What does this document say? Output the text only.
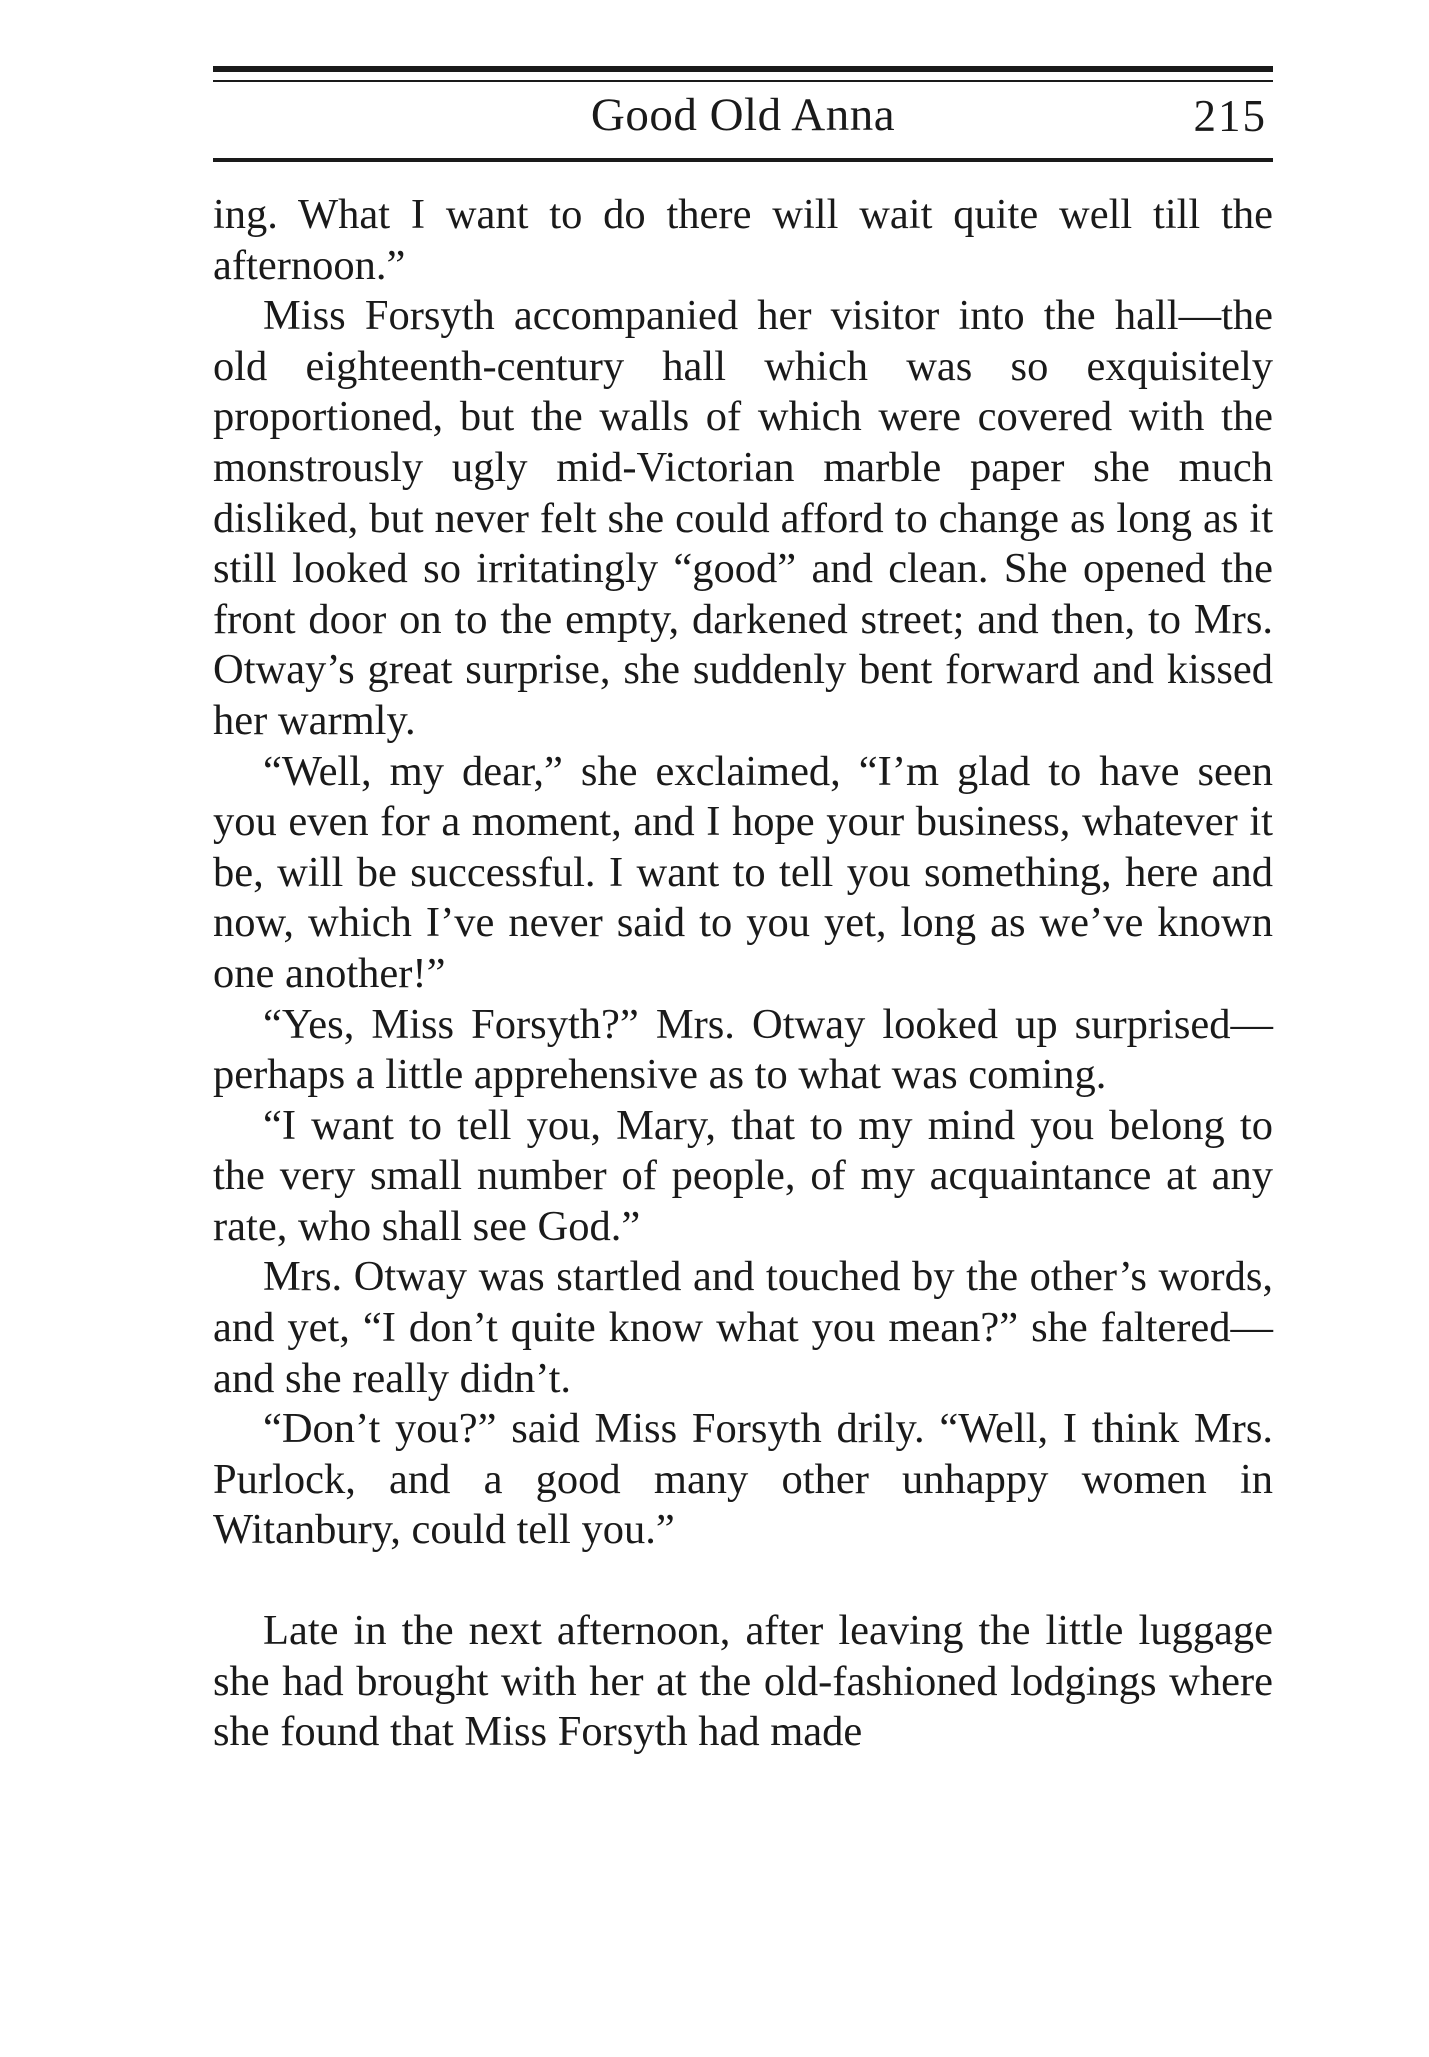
Good Old Anna	215

ing. What I want to do there will wait quite well till the afternoon.”

Miss Forsyth accompanied her visitor into the hall—the old eighteenth-century hall which was so exquisitely proportioned, but the walls of which were covered with the monstrously ugly mid-Victorian marble paper she much disliked, but never felt she could afford to change as long as it still looked so irritatingly “good” and clean. She opened the front door on to the empty, darkened street; and then, to Mrs. Otway’s great surprise, she suddenly bent forward and kissed her warmly.

“Well, my dear,” she exclaimed, “I’m glad to have seen you even for a moment, and I hope your business, whatever it be, will be successful. I want to tell you something, here and now, which I’ve never said to you yet, long as we’ve known one another!”

“Yes, Miss Forsyth?” Mrs. Otway looked up surprised—perhaps a little apprehensive as to what was coming.

“I want to tell you, Mary, that to my mind you belong to the very small number of people, of my acquaintance at any rate, who shall see God.”

Mrs. Otway was startled and touched by the other’s words, and yet, “I don’t quite know what you mean?” she faltered—and she really didn’t.

“Don’t you?” said Miss Forsyth drily. “Well, I think Mrs. Purlock, and a good many other unhappy women in Witanbury, could tell you.”

Late in the next afternoon, after leaving the little luggage she had brought with her at the old-fashioned lodgings where she found that Miss Forsyth had made
